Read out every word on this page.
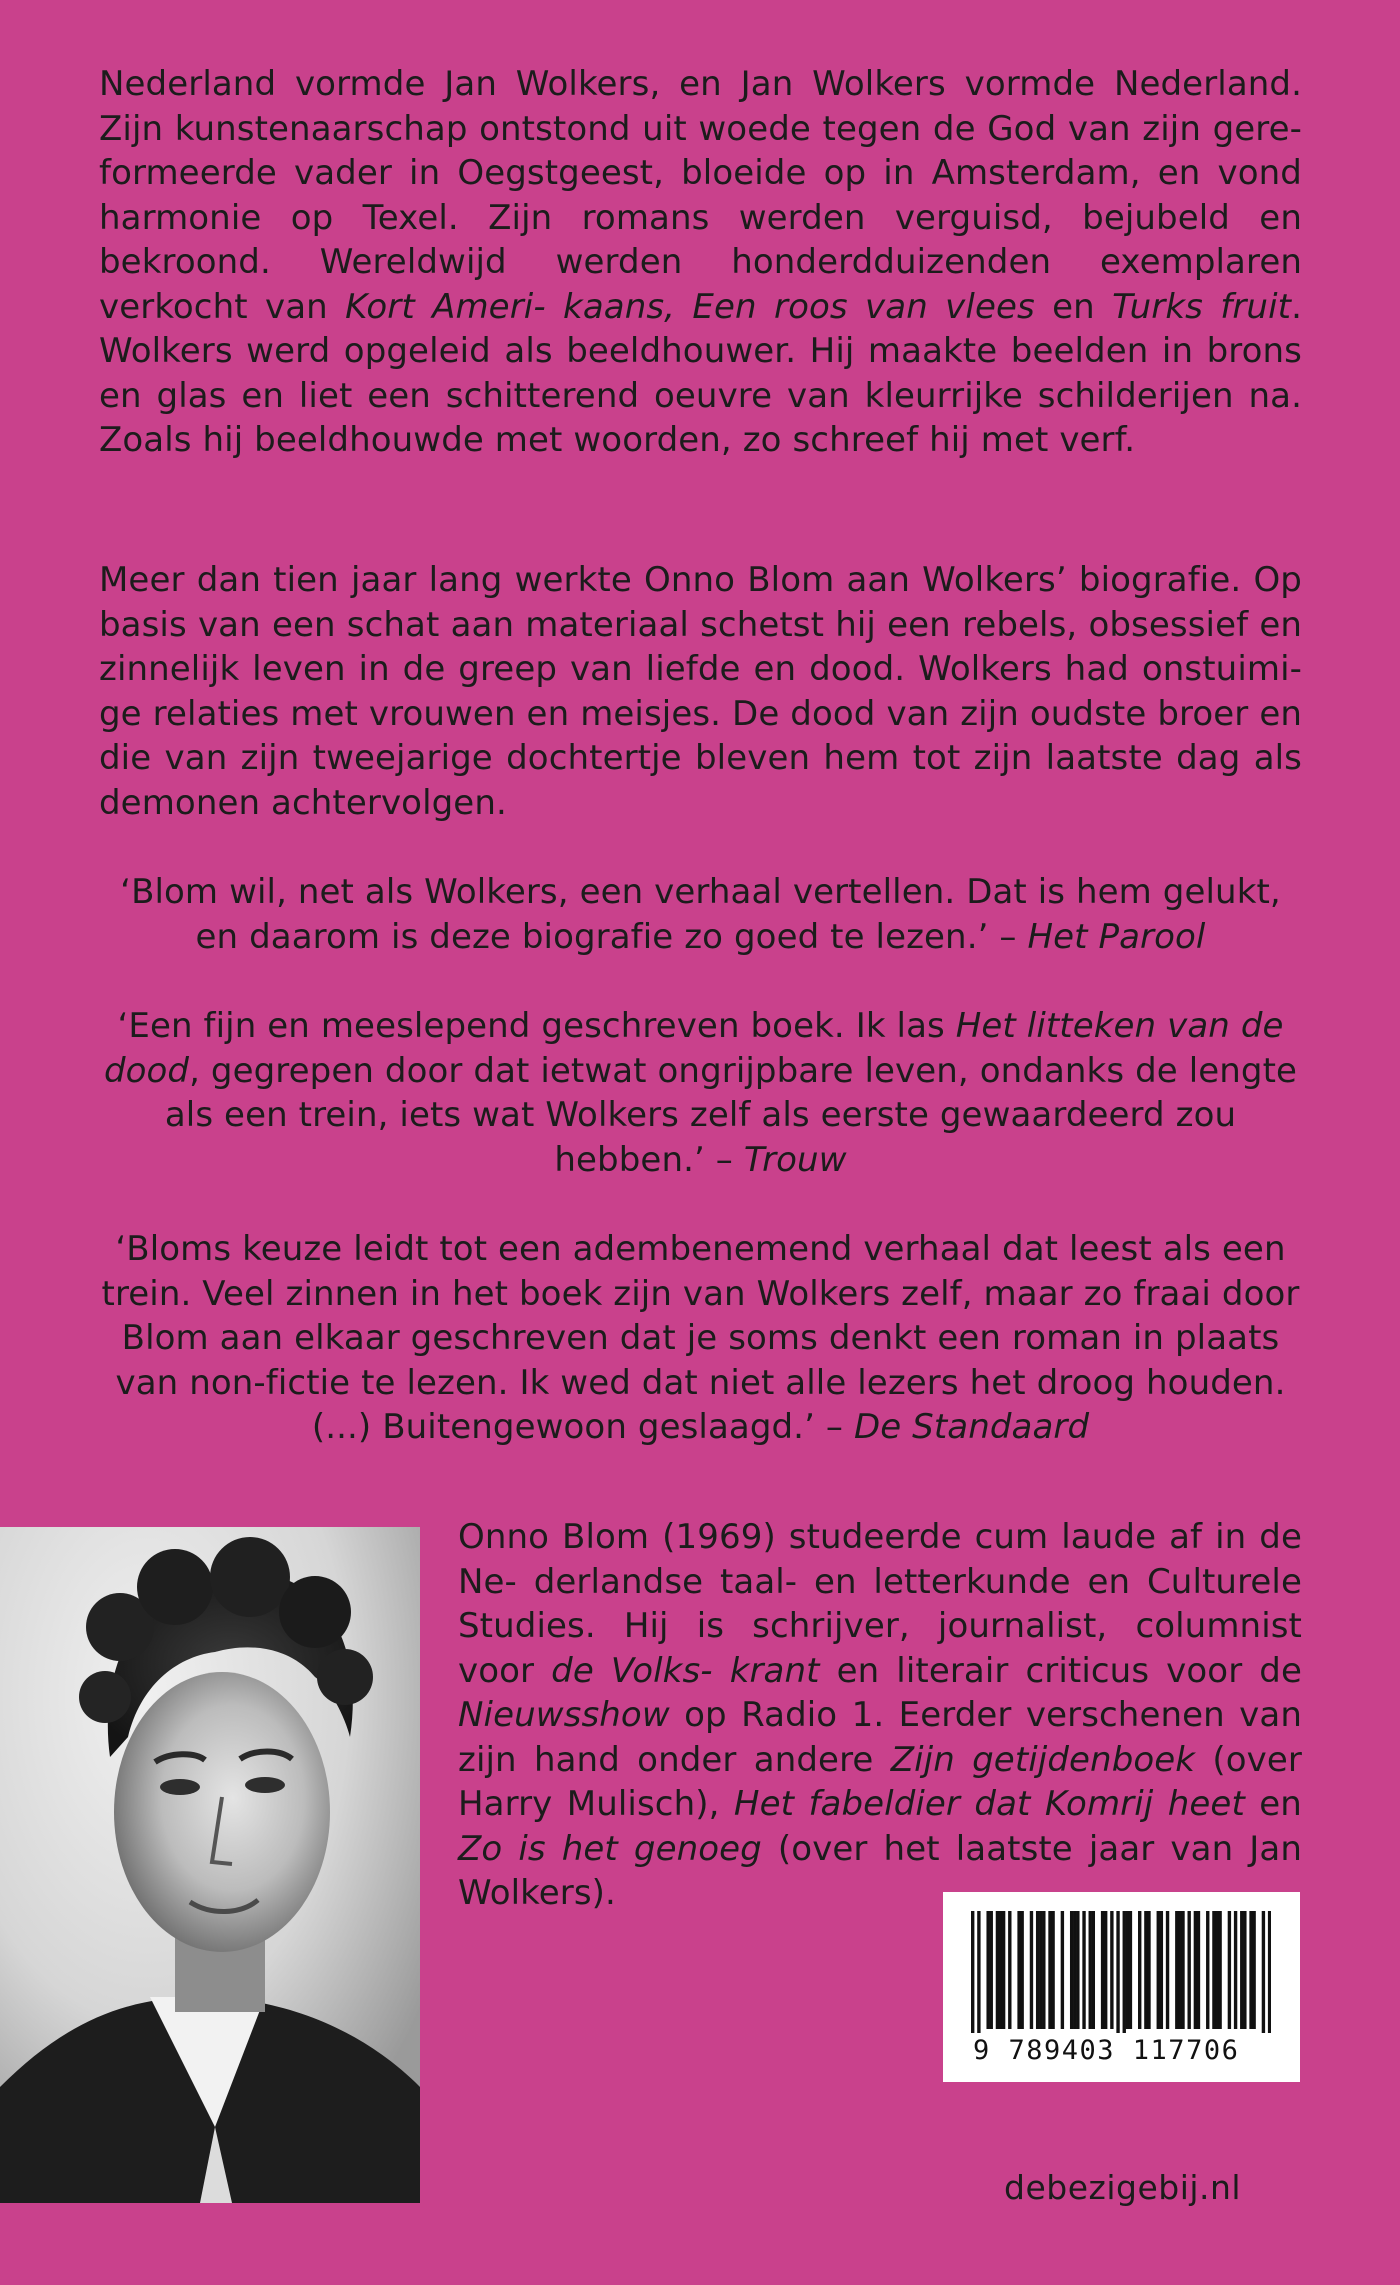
Nederland vormde Jan Wolkers, en Jan Wolkers vormde Nederland. Zijn kunstenaarschap ontstond uit woede tegen de God van zijn gere- formeerde vader in Oegstgeest, bloeide op in Amsterdam, en vond harmonie op Texel. Zijn romans werden verguisd, bejubeld en bekroond. Wereldwijd werden honderdduizenden exemplaren verkocht van Kort Ameri- kaans, Een roos van vlees en Turks fruit. Wolkers werd opgeleid als beeldhouwer. Hij maakte beelden in brons en glas en liet een schitterend oeuvre van kleurrijke schilderijen na. Zoals hij beeldhouwde met woorden, zo schreef hij met verf.
Meer dan tien jaar lang werkte Onno Blom aan Wolkers’ biografie. Op basis van een schat aan materiaal schetst hij een rebels, obsessief en zinnelijk leven in de greep van liefde en dood. Wolkers had onstuimi- ge relaties met vrouwen en meisjes. De dood van zijn oudste broer en die van zijn tweejarige dochtertje bleven hem tot zijn laatste dag als demonen achtervolgen.
‘Blom wil, net als Wolkers, een verhaal vertellen. Dat is hem gelukt, en daarom is deze biografie zo goed te lezen.’ – Het Parool
‘Een fijn en meeslepend geschreven boek. Ik las Het litteken van de dood, gegrepen door dat ietwat ongrijpbare leven, ondanks de lengte als een trein, iets wat Wolkers zelf als eerste gewaardeerd zou hebben.’ – Trouw
‘Bloms keuze leidt tot een adembenemend verhaal dat leest als een trein. Veel zinnen in het boek zijn van Wolkers zelf, maar zo fraai door Blom aan elkaar geschreven dat je soms denkt een roman in plaats van non-fictie te lezen. Ik wed dat niet alle lezers het droog houden. (...) Buitengewoon geslaagd.’ – De Standaard
Onno Blom (1969) studeerde cum laude af in de Ne- derlandse taal- en letterkunde en Culturele Studies. Hij is schrijver, journalist, columnist voor de Volks- krant en literair criticus voor de Nieuwsshow op Radio 1. Eerder verschenen van zijn hand onder andere Zijn getijdenboek (over Harry Mulisch), Het fabeldier dat Komrij heet en Zo is het genoeg (over het laatste jaar van Jan Wolkers).
9 789403 117706
debezigebij.nl
